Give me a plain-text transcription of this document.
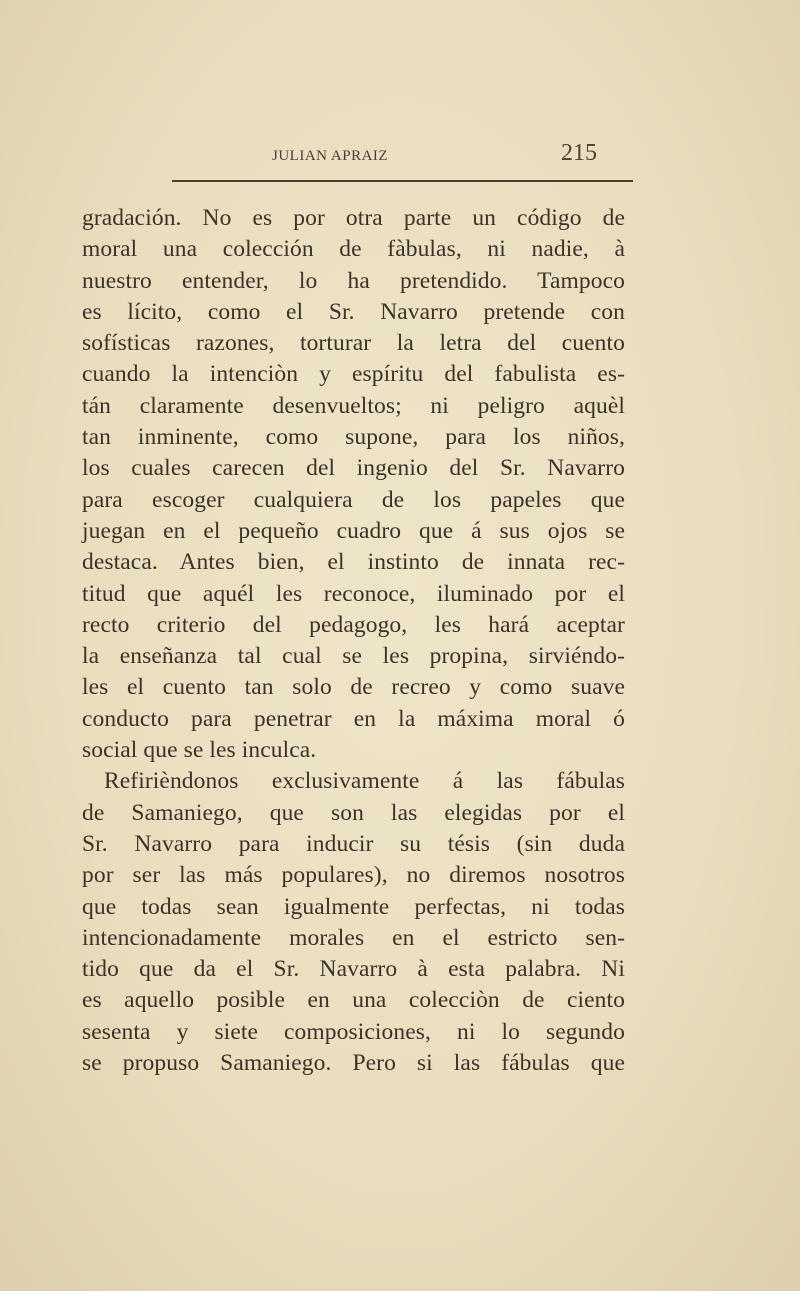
JULIAN APRAIZ	215
gradación. No es por otra parte un código de
moral una colección de fàbulas, ni nadie, à
nuestro entender, lo ha pretendido. Tampoco
es lícito, como el Sr. Navarro pretende con
sofísticas razones, torturar la letra del cuento
cuando la intenciòn y espíritu del fabulista es-
tán claramente desenvueltos; ni peligro aquèl
tan inminente, como supone, para los niños,
los cuales carecen del ingenio del Sr. Navarro
para escoger cualquiera de los papeles que
juegan en el pequeño cuadro que á sus ojos se
destaca. Antes bien, el instinto de innata rec-
titud que aquél les reconoce, iluminado por el
recto criterio del pedagogo, les hará aceptar
la enseñanza tal cual se les propina, sirviéndo-
les el cuento tan solo de recreo y como suave
conducto para penetrar en la máxima moral ó
social que se les inculca.
Refirièndonos exclusivamente á las fábulas
de Samaniego, que son las elegidas por el
Sr. Navarro para inducir su tésis (sin duda
por ser las más populares), no diremos nosotros
que todas sean igualmente perfectas, ni todas
intencionadamente morales en el estricto sen-
tido que da el Sr. Navarro à esta palabra. Ni
es aquello posible en una colecciòn de ciento
sesenta y siete composiciones, ni lo segundo
se propuso Samaniego. Pero si las fábulas que
